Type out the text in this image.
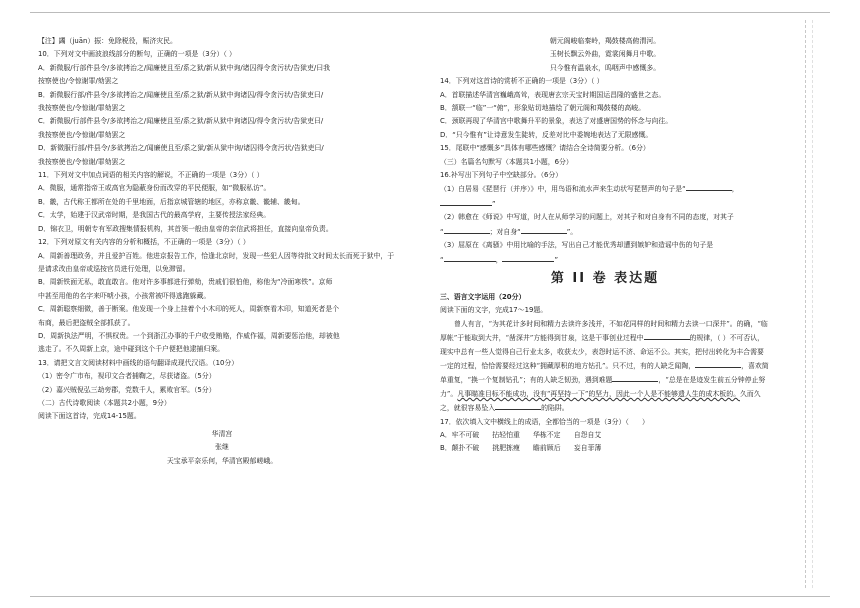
【注】蠲（juān）振：免除税役，赈济灾民。

10．下列对文中画波浪线部分的断句，正确的一项是（3分）（ ）

A．新微服/行部件县令/多欲拷治之/闻廉使且至/系之狱/新从狱中询/诸囚得令贪污状/告狱吏/曰我

按察使也/令惊谢罪/劾罢之

B．新微服行部/件县令/多欲拷治之/闻廉使且至/系之狱/新从狱中询诸囚/得令贪污状/告狱吏曰/

我按察使也/令惊谢/罪劾罢之

C．新微服/行部件县令/多欲拷治之/闻廉使且至/系之狱/新从狱中询诸囚/得令贪污状/告狱吏曰/

我按察使也/令惊谢/罪劾罢之

D．新微服行部/件县令/多欲拷治之/闻廉使且至/系之狱/新从狱中询/诸囚得令贪污状/告狱吏曰/

我按察使也/令惊谢/罪劾罢之

11．下列对文中加点词语的相关内容的解说，不正确的一项是（3分）（ ）

A．微服，通常指帝王或高官为隐蔽身份而改穿的平民便服，如“微服私访”。

B．畿，古代称王都所在处的千里地面，后指京城管辖的地区，亦称京畿、畿辅、畿甸。

C．太学，始建于汉武帝时期，是我国古代的最高学府，主要传授法家经典。

D．锦衣卫，明朝专有军政搜集情报机构，其首领一般由皇帝的亲信武将担任，直接向皇帝负责。

12．下列对原文有关内容的分析和概括，不正确的一项是（3分）（ ）

A．周新善理政务，并且爱护百姓。他进京报告工作，恰逢北京时，发现一些犯人因等待批文时间太长而死于狱中，于

是请求改由皇帝或巡按官员进行处理，以免滞留。

B．周新铁面无私，敢直敢言。他对许多事都进行弹劾，贵戚们很怕他，称他为“冷面寒铁”。京师

中甚至用他的名字来吓唬小孩，小孩常被吓得逃跑躲藏。

C．周新聪察细微，善于断案。他发现一个身上挂着个小木印的死人，周新察看木印，知道死者是个

布商，最后把盗贼全部抓获了。

D．周新执法严明，不惧权贵。一个到浙江办事的千户收受贿赂，作威作福，周新要惩治他，却被他

逃走了。不久周新上京，途中碰到这个千户便把他逮捕归案。

13．请把文言文阅读材料中画线的语句翻译成现代汉语。（10分）

（1）密令广市布，视印文合者捕鞫之，尽获诸盗。（5分）

（2）嘉兴贼倪弘三劫旁郡，党数千人，累败官军。（5分）

（二）古代诗歌阅读（本题共2小题，9分）

阅读下面这首诗，完成14-15题。

华清宫

张继

天宝承平奈乐何，华清宫殿郁嵯峨。

朝元阁峻临秦岭，羯鼓楼高俯渭河。

玉树长飘云外曲，霓裳闲舞月中歌。

只今惟有温泉水，呜咽声中感慨多。

14．下列对这首诗的赏析不正确的一项是（3分）（ ）

A．首联描述华清宫巍峨高耸，表现唐玄宗天宝时期国运昌隆的盛世之态。

B．颔联一“临”一“俯”，形象贴切地描绘了朝元阁和羯鼓楼的高峻。

C．颈联再现了华清宫中歌舞升平的景象，表达了对盛唐国势的怀念与向往。

D．“只今惟有”让诗意发生陡转，反差对比中委婉地表达了无限感慨。

15．尾联中“感慨多”具体有哪些感慨？请结合全诗简要分析。（6分）

（三）名篇名句默写（本题共1小题，6分）

16.补写出下列句子中空缺部分。（6分）

（1）白居易《琵琶行（并序）》中，用鸟语和流水声来生动状写琵琶声的句子是“	，

”

（2）韩愈在《师说》中写道，时人在从师学习的问题上，对其子和对自身有不同的态度，对其子

“	；对自身“	”。

（3）屈原在《离骚》中用比喻的手法，写出自己才能优秀却遭到嫉妒和造谣中伤的句子是

“	，	”

第 II 卷 表达题

三、语言文字运用（20分）

阅读下面的文字，完成17～19题。

曾人有言，“为其花计多时间和精力去读许多浅并，不如花同样的时间和精力去读一口深井”。的确，“临厚帐”于能取到大井，“凿深井”方能得到甘泉，这是干事创业过程中	的规律，（ ）不可否认，现实中总有一些人觉得自己行业太多，收获太少，表怨时运不济、命运不公。其实，把付出转化为丰合需要一定的过程，恰恰需要经过这种“拥藏厚积的地方钻孔”。只不过，有的人缺乏闻陶，	，喜欢简单重复，“换一个复制钻孔”；有的人缺乏韧劲，遇到难题	，“总是在是迹发生前五分钟停止努力”。凡事瞄准目标不能成功，没有“再坚持一下”的坚力，因此一个人是不能够遗人生的成木板的。久而久之，就很容易坠入	的陷阱。

17．依次填入文中横线上的成语，全都恰当的一项是（3分）（      ）

A．牢不可破      拈轻怕重      华栋不定      自怨自艾

B．颠扑不破      挑肥拣瘦      瞻前顾后      妄自菲薄
